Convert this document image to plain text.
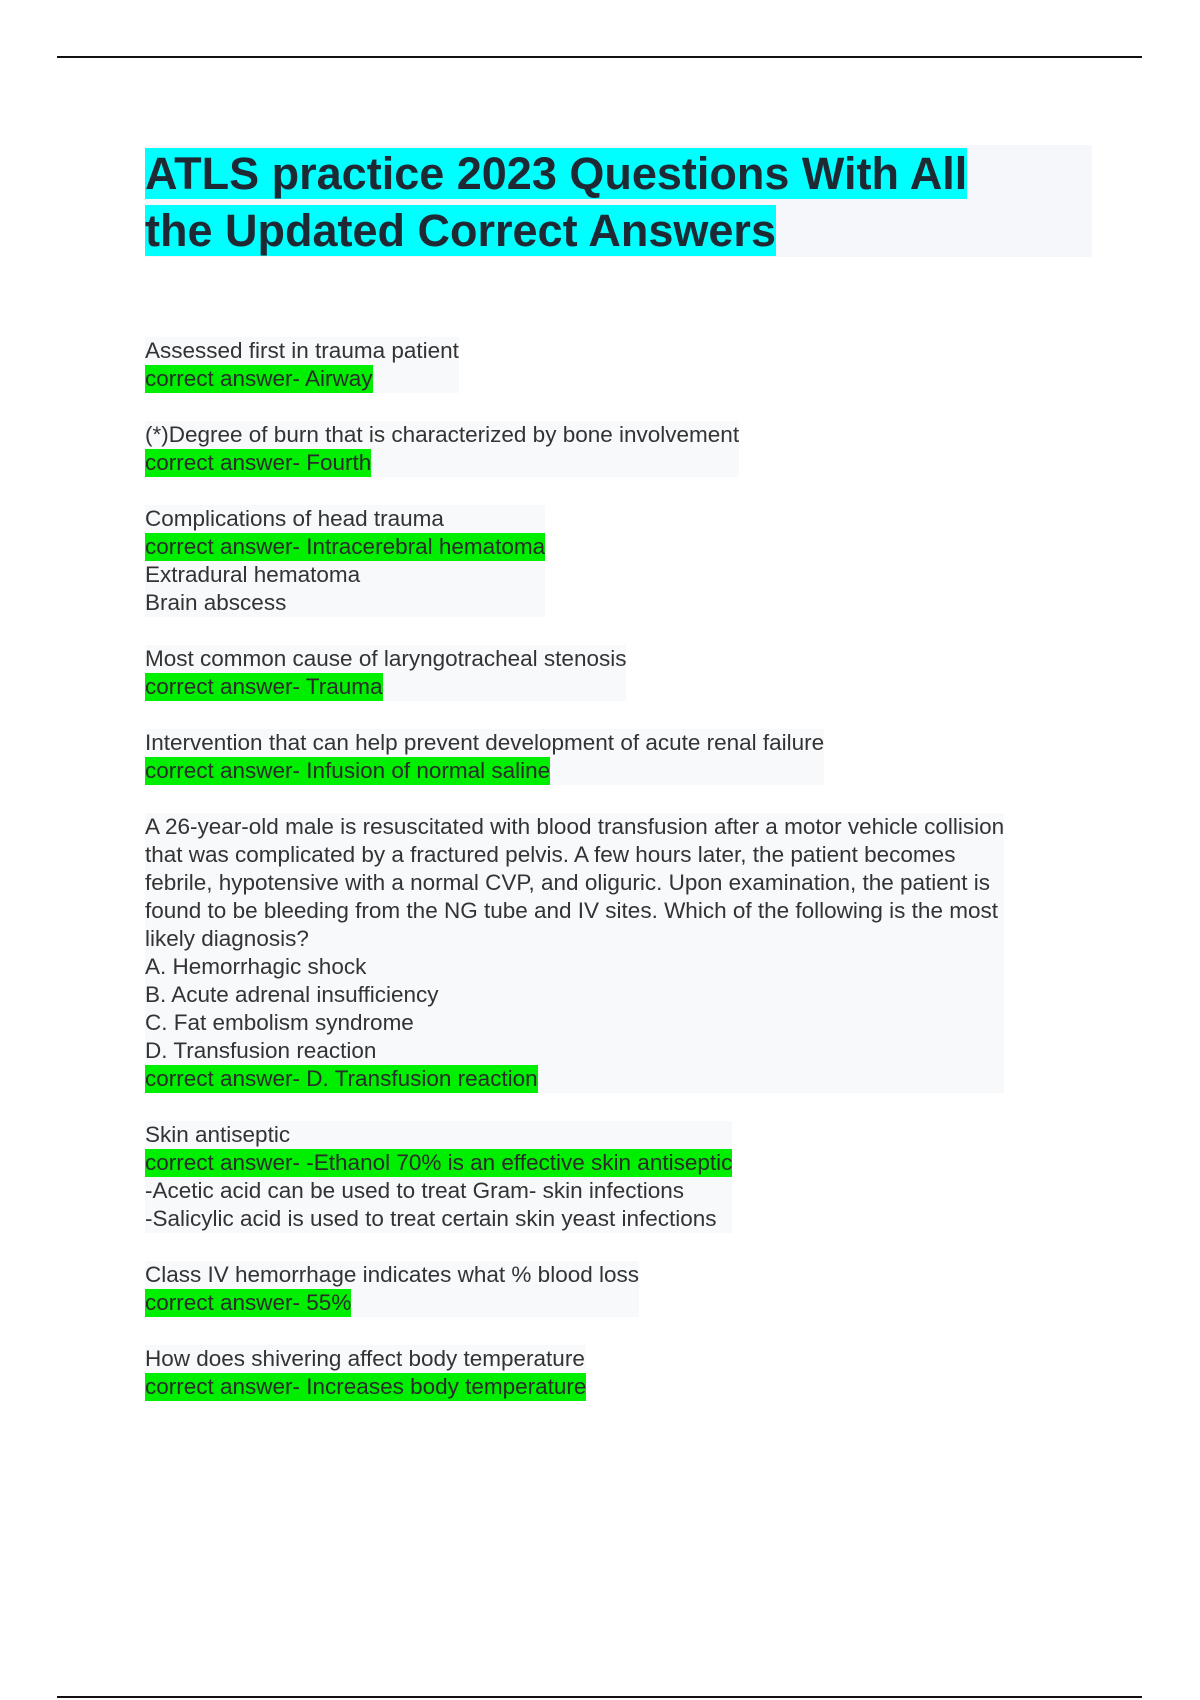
ATLS practice 2023 Questions With All
the Updated Correct Answers
Assessed first in trauma patient
correct answer- Airway
(*)Degree of burn that is characterized by bone involvement
correct answer- Fourth
Complications of head trauma
correct answer- Intracerebral hematoma
Extradural hematoma
Brain abscess
Most common cause of laryngotracheal stenosis
correct answer- Trauma
Intervention that can help prevent development of acute renal failure
correct answer- Infusion of normal saline
A 26-year-old male is resuscitated with blood transfusion after a motor vehicle collision
that was complicated by a fractured pelvis. A few hours later, the patient becomes
febrile, hypotensive with a normal CVP, and oliguric. Upon examination, the patient is
found to be bleeding from the NG tube and IV sites. Which of the following is the most
likely diagnosis?
A. Hemorrhagic shock
B. Acute adrenal insufficiency
C. Fat embolism syndrome
D. Transfusion reaction
correct answer- D. Transfusion reaction
Skin antiseptic
correct answer- -Ethanol 70% is an effective skin antiseptic
-Acetic acid can be used to treat Gram- skin infections
-Salicylic acid is used to treat certain skin yeast infections
Class IV hemorrhage indicates what % blood loss
correct answer- 55%
How does shivering affect body temperature
correct answer- Increases body temperature
